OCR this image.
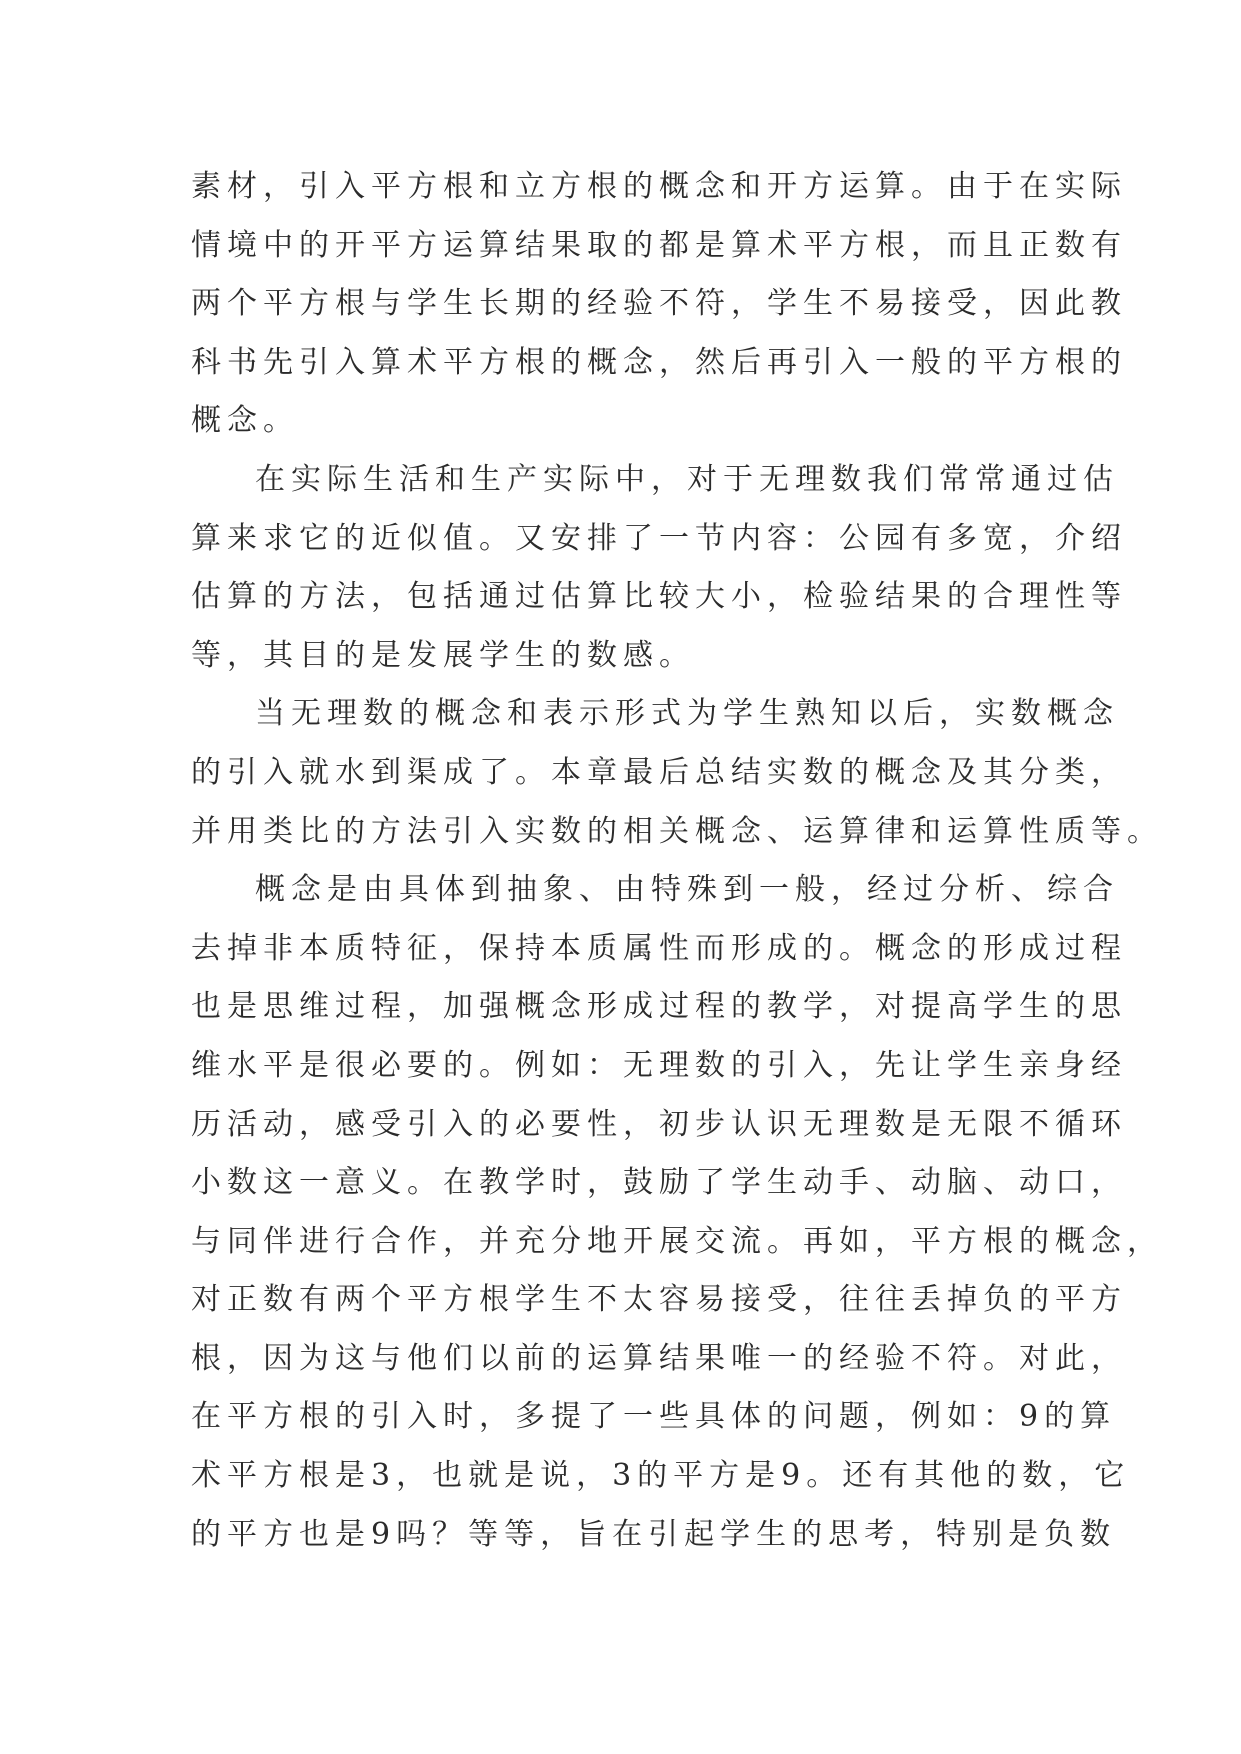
素材，引入平方根和立方根的概念和开方运算。由于在实际
情境中的开平方运算结果取的都是算术平方根，而且正数有
两个平方根与学生长期的经验不符，学生不易接受，因此教
科书先引入算术平方根的概念，然后再引入一般的平方根的
概念。
在实际生活和生产实际中，对于无理数我们常常通过估
算来求它的近似值。又安排了一节内容：公园有多宽，介绍
估算的方法，包括通过估算比较大小，检验结果的合理性等
等，其目的是发展学生的数感。
当无理数的概念和表示形式为学生熟知以后，实数概念
的引入就水到渠成了。本章最后总结实数的概念及其分类，
并用类比的方法引入实数的相关概念、运算律和运算性质等。
概念是由具体到抽象、由特殊到一般，经过分析、综合
去掉非本质特征，保持本质属性而形成的。概念的形成过程
也是思维过程，加强概念形成过程的教学，对提高学生的思
维水平是很必要的。例如：无理数的引入，先让学生亲身经
历活动，感受引入的必要性，初步认识无理数是无限不循环
小数这一意义。在教学时，鼓励了学生动手、动脑、动口，
与同伴进行合作，并充分地开展交流。再如，平方根的概念，
对正数有两个平方根学生不太容易接受，往往丢掉负的平方
根，因为这与他们以前的运算结果唯一的经验不符。对此，
在平方根的引入时，多提了一些具体的问题，例如：9的算
术平方根是3，也就是说，3的平方是9。还有其他的数，它
的平方也是9吗？等等，旨在引起学生的思考，特别是负数
